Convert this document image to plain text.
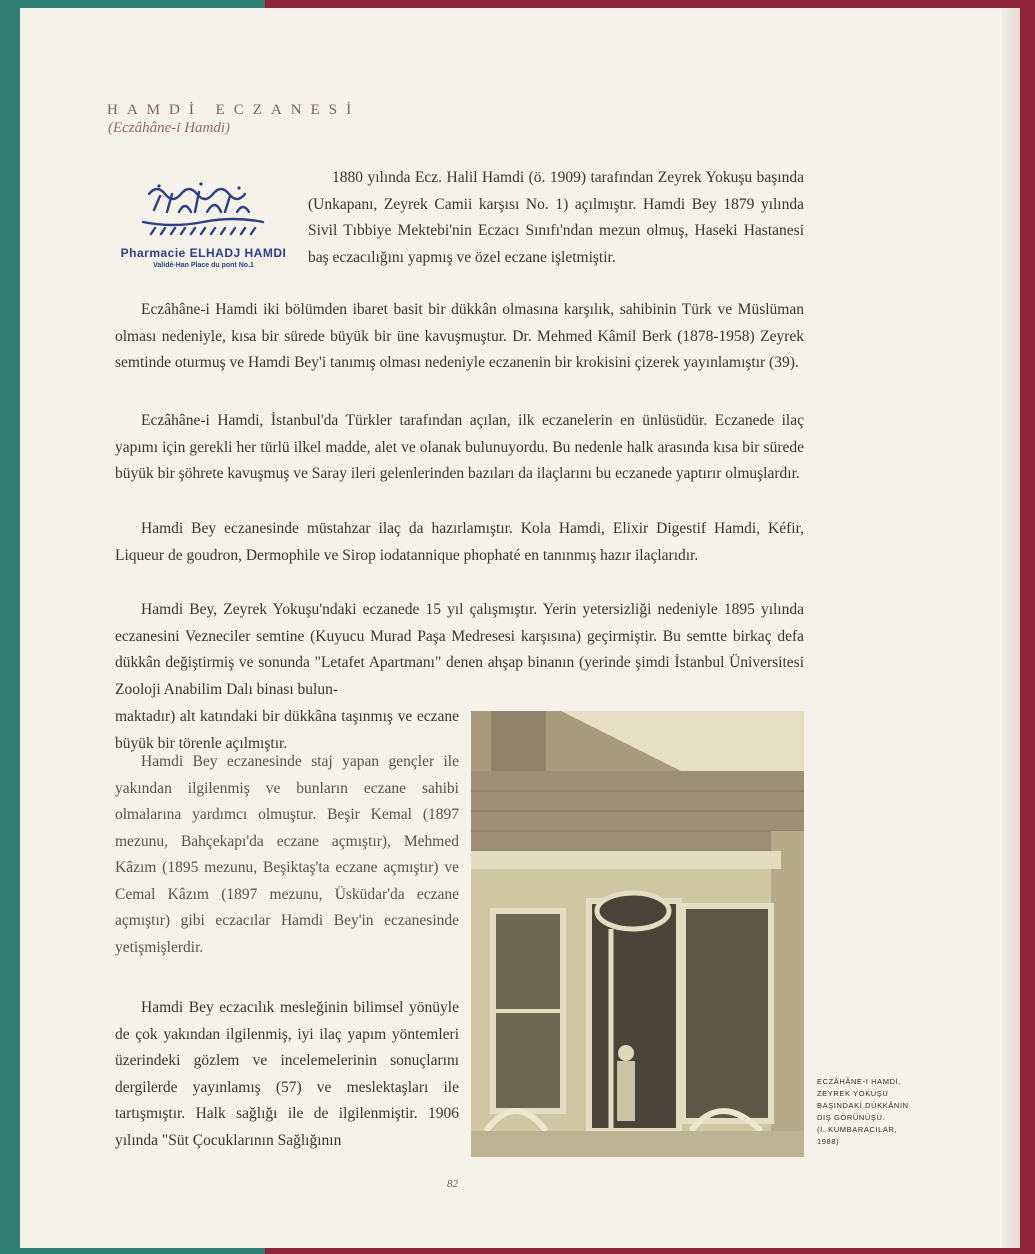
HAMDİ ECZANESİ
(Eczâhâne-i Hamdi)
Pharmacie ELHADJ HAMDI
Validé-Han Place du pont No.1

1880 yılında Ecz. Halil Hamdi (ö. 1909) tarafından Zeyrek Yokuşu başında (Unkapanı, Zeyrek Camii karşısı No. 1) açılmıştır. Hamdi Bey 1879 yılında Sivil Tıbbiye Mektebi'nin Eczacı Sınıfı'ndan mezun olmuş, Haseki Hastanesi baş eczacılığını yapmış ve özel eczane işletmiştir.

Eczâhâne-i Hamdi iki bölümden ibaret basit bir dükkân olmasına karşılık, sahibinin Türk ve Müslüman olması nedeniyle, kısa bir sürede büyük bir üne kavuşmuştur. Dr. Mehmed Kâmil Berk (1878-1958) Zeyrek semtinde oturmuş ve Hamdi Bey'i tanımış olması nedeniyle eczanenin bir krokisini çizerek yayınlamıştır (39).

Eczâhâne-i Hamdi, İstanbul'da Türkler tarafından açılan, ilk eczanelerin en ünlüsüdür. Eczanede ilaç yapımı için gerekli her türlü ilkel madde, alet ve olanak bulunuyordu. Bu nedenle halk arasında kısa bir sürede büyük bir şöhrete kavuşmuş ve Saray ileri gelenlerinden bazıları da ilaçlarını bu eczanede yaptırır olmuşlardır.

Hamdi Bey eczanesinde müstahzar ilaç da hazırlamıştır. Kola Hamdi, Elixir Digestif Hamdi, Kéfir, Liqueur de goudron, Dermophile ve Sirop iodatannique phophaté en tanınmış hazır ilaçlarıdır.

Hamdi Bey, Zeyrek Yokuşu'ndaki eczanede 15 yıl çalışmıştır. Yerin yetersizliği nedeniyle 1895 yılında eczanesini Vezneciler semtine (Kuyucu Murad Paşa Medresesi karşısına) geçirmiştir. Bu semtte birkaç defa dükkân değiştirmiş ve sonunda "Letafet Apartmanı" denen ahşap binanın (yerinde şimdi İstanbul Üniversitesi Zooloji Anabilim Dalı binası bulun-

maktadır) alt katındaki bir dükkâna taşınmış ve eczane büyük bir törenle açılmıştır.

Hamdi Bey eczanesinde staj yapan gençler ile yakından ilgilenmiş ve bunların eczane sahibi olmalarına yardımcı olmuştur. Beşir Kemal (1897 mezunu, Bahçekapı'da eczane açmıştır), Mehmed Kâzım (1895 mezunu, Beşiktaş'ta eczane açmıştır) ve Cemal Kâzım (1897 mezunu, Üsküdar'da eczane açmıştır) gibi eczacılar Hamdi Bey'in eczanesinde yetişmişlerdir.

Hamdi Bey eczacılık mesleğinin bilimsel yönüyle de çok yakından ilgilenmiş, iyi ilaç yapım yöntemleri üzerindeki gözlem ve incelemelerinin sonuçlarını dergilerde yayınlamış (57) ve meslektaşları ile tartışmıştır. Halk sağlığı ile de ilgilenmiştir. 1906 yılında "Süt Çocuklarının Sağlığının

ECZÂHÂNE-I HAMDİ,
ZEYREK YOKUŞU
BAŞINDAKİ DÜKKÂNIN
DIŞ GÖRÜNÜŞÜ.
(İ. KUMBARACILAR,
1988)
82
